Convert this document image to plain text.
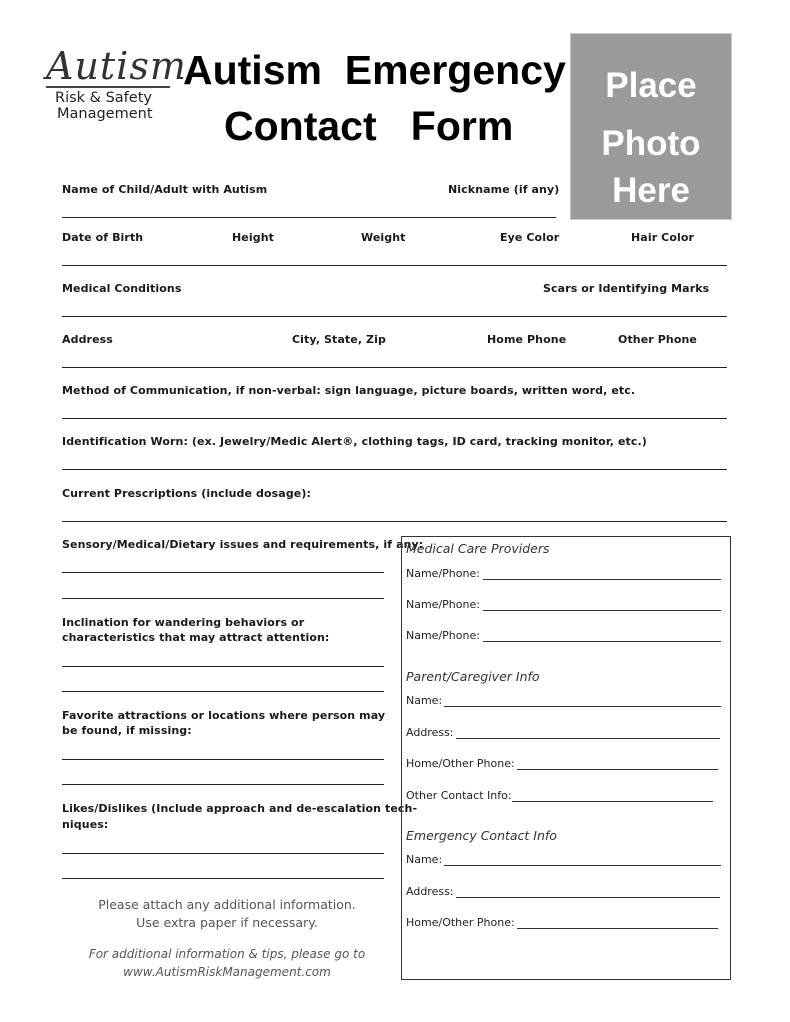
Autism
Risk & Safety
Management
Autism  Emergency
Contact   Form
Place
Photo
Here
Name of Child/Adult with Autism	Nickname (if any)
Date of Birth	Height	Weight	Eye Color	Hair Color
Medical Conditions	Scars or Identifying Marks
Address	City, State, Zip	Home Phone	Other Phone
Method of Communication, if non-verbal: sign language, picture boards, written word, etc.
Identification Worn: (ex. Jewelry/Medic Alert®, clothing tags, ID card, tracking monitor, etc.)
Current Prescriptions (include dosage):
Sensory/Medical/Dietary issues and requirements, if any:
Inclination for wandering behaviors or
characteristics that may attract attention:
Favorite attractions or locations where person may
be found, if missing:
Likes/Dislikes (Include approach and de-escalation tech-
niques:
Please attach any additional information.
Use extra paper if necessary.
For additional information & tips, please go to
www.AutismRiskManagement.com
Medical Care Providers
Name/Phone:
Name/Phone:
Name/Phone:
Parent/Caregiver Info
Name:
Address:
Home/Other Phone:
Other Contact Info:
Emergency Contact Info
Name:
Address:
Home/Other Phone:
